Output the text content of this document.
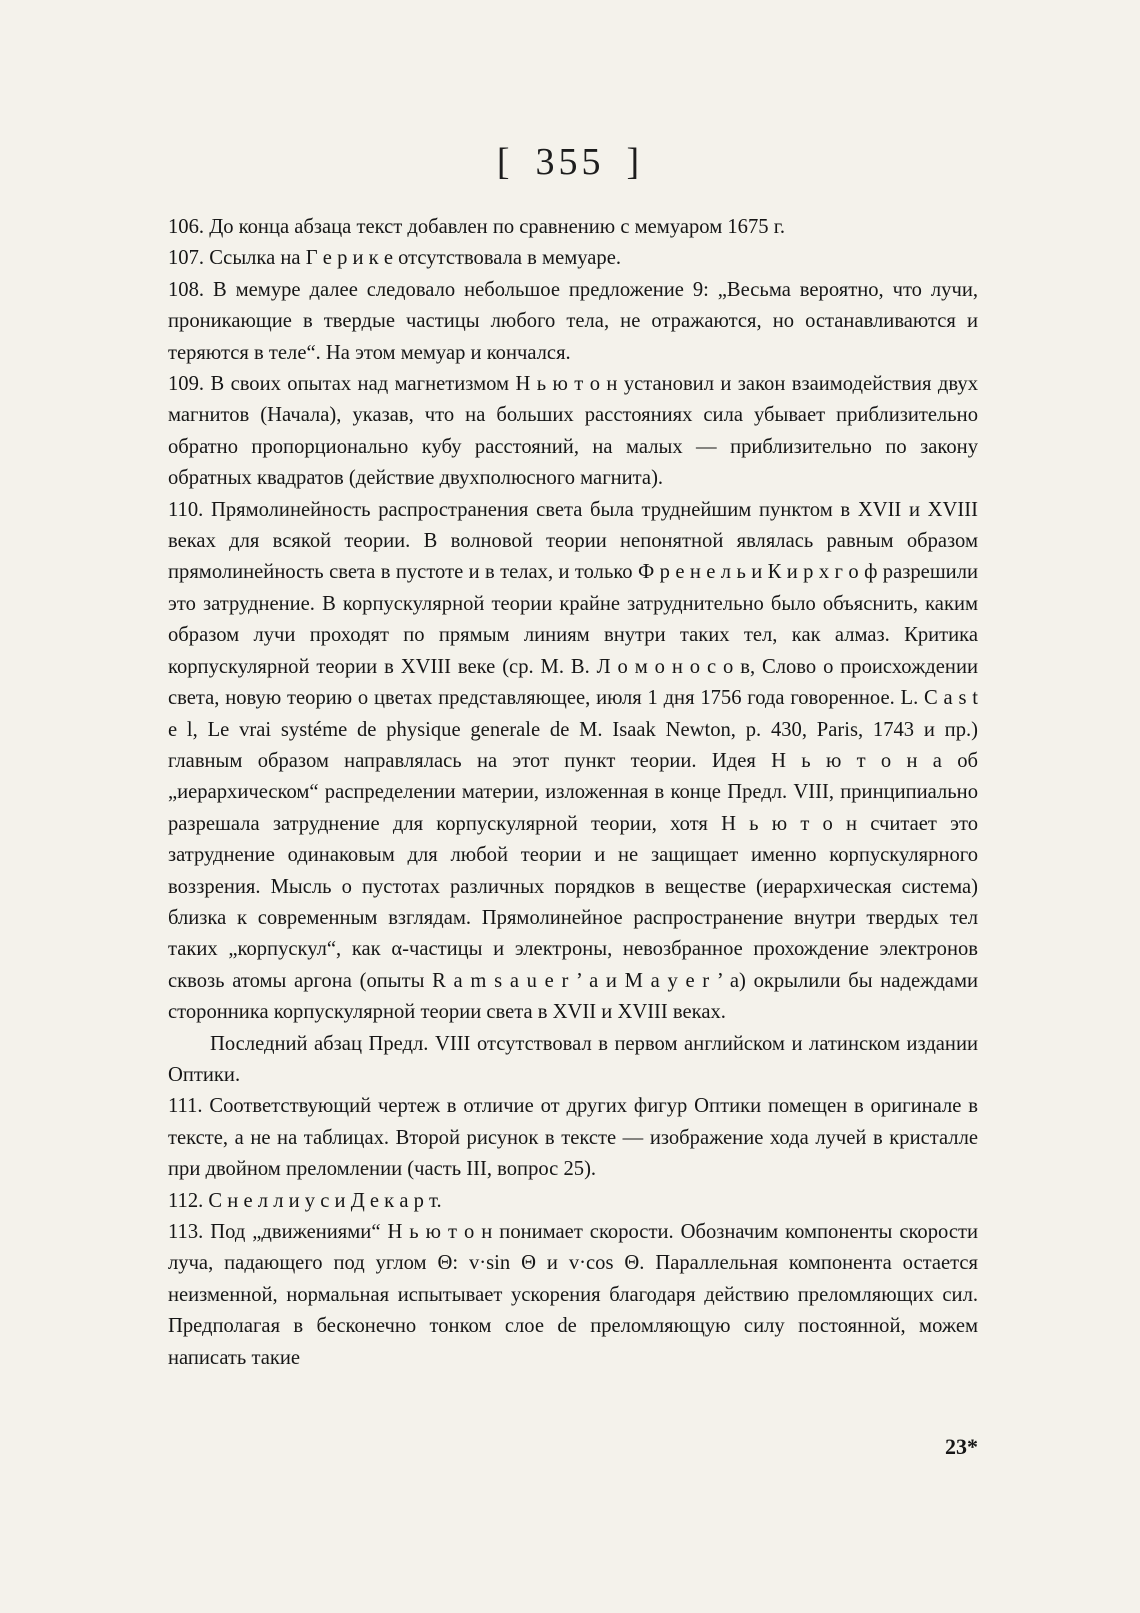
[ 355 ]

106. До конца абзаца текст добавлен по сравнению с мемуаром 1675 г.

107. Ссылка на Г е р и к е отсутствовала в мемуаре.

108. В мемуре далее следовало небольшое предложение 9: „Весьма вероятно, что лучи, проникающие в твердые частицы любого тела, не отражаются, но останавливаются и теряются в теле“. На этом мемуар и кончался.

109. В своих опытах над магнетизмом Н ь ю т о н установил и закон взаимодействия двух магнитов (Начала), указав, что на больших расстояниях сила убывает приблизительно обратно пропорционально кубу расстояний, на малых — приблизительно по закону обратных квадратов (действие двухполюсного магнита).

110. Прямолинейность распространения света была труднейшим пунктом в XVII и XVIII веках для всякой теории. В волновой теории непонятной являлась равным образом прямолинейность света в пустоте и в телах, и только Ф р е н е л ь и К и р х г о ф разрешили это затруднение. В корпускулярной теории крайне затруднительно было объяснить, каким образом лучи проходят по прямым линиям внутри таких тел, как алмаз. Критика корпускулярной теории в XVIII веке (ср. М. В. Л о м о н о с о в, Слово о происхождении света, новую теорию о цветах представляющее, июля 1 дня 1756 года говоренное. L. C a s t e l, Le vrai systéme de physique generale de M. Isaak Newton, p. 430, Paris, 1743 и пр.) главным образом направлялась на этот пункт теории. Идея Н ь ю т о н а об „иерархическом“ распределении материи, изложенная в конце Предл. VIII, принципиально разрешала затруднение для корпускулярной теории, хотя Н ь ю т о н считает это затруднение одинаковым для любой теории и не защищает именно корпускулярного воззрения. Мысль о пустотах различных порядков в веществе (иерархическая система) близка к современным взглядам. Прямолинейное распространение внутри твердых тел таких „корпускул“, как α-частицы и электроны, невозбранное прохождение электронов сквозь атомы аргона (опыты R a m s a u e r ’ a и M a y e r ’ a) окрылили бы надеждами сторонника корпускулярной теории света в XVII и XVIII веках.

Последний абзац Предл. VIII отсутствовал в первом английском и латинском издании Оптики.

111. Соответствующий чертеж в отличие от других фигур Оптики помещен в оригинале в тексте, а не на таблицах. Второй рисунок в тексте — изображение хода лучей в кристалле при двойном преломлении (часть III, вопрос 25).

112. С н е л л и у с и Д е к а р т.

113. Под „движениями“ Н ь ю т о н понимает скорости. Обозначим компоненты скорости луча, падающего под углом Θ: v·sin Θ и v·cos Θ. Параллельная компонента остается неизменной, нормальная испытывает ускорения благодаря действию преломляющих сил. Предполагая в бесконечно тонком слое de преломляющую силу постоянной, можем написать такие

23*
